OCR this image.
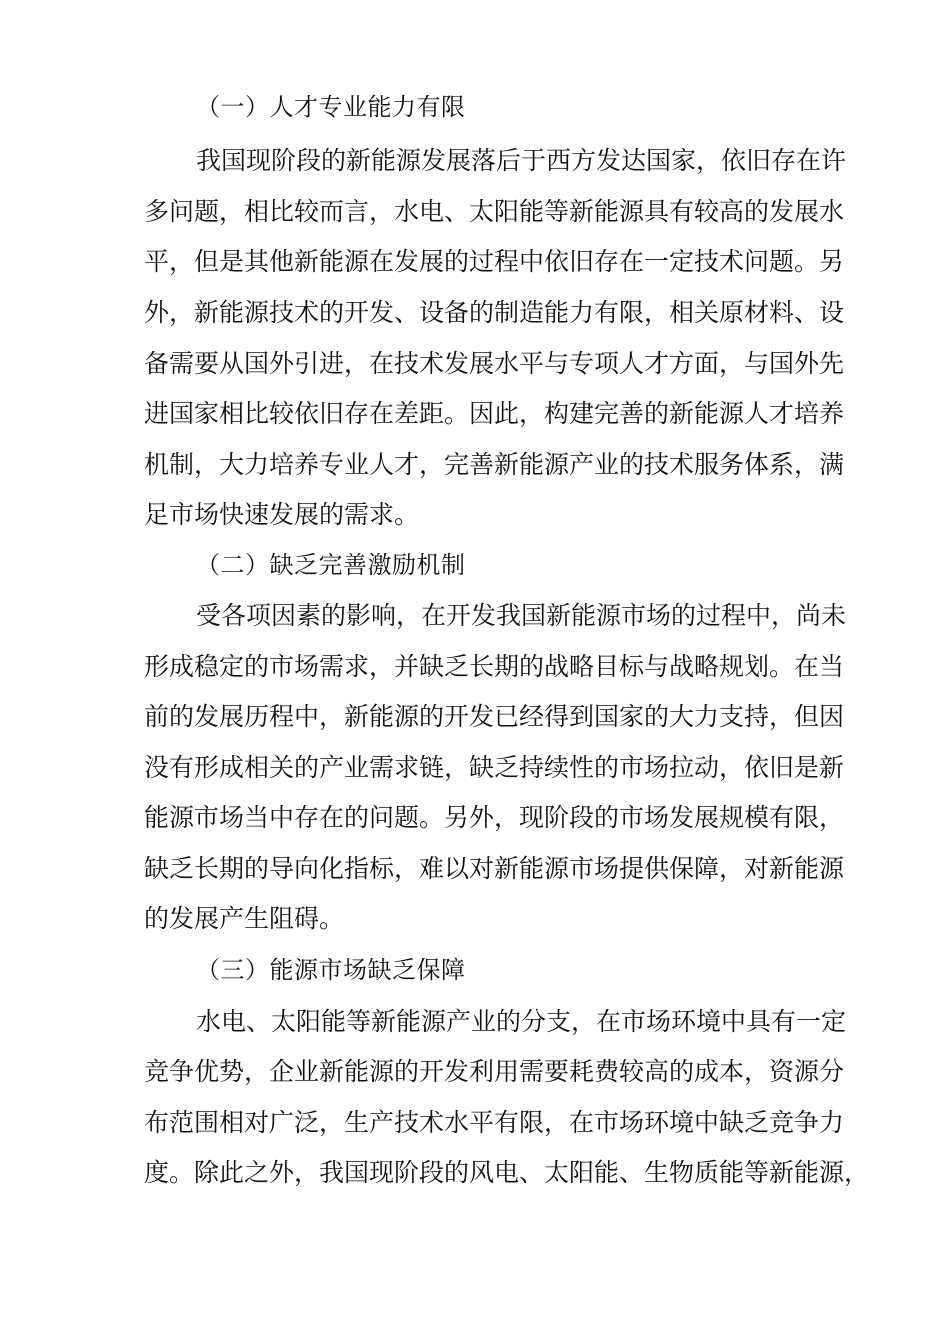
（一）人才专业能力有限
我国现阶段的新能源发展落后于西方发达国家，依旧存在许
多问题，相比较而言，水电、太阳能等新能源具有较高的发展水
平，但是其他新能源在发展的过程中依旧存在一定技术问题。另
外，新能源技术的开发、设备的制造能力有限，相关原材料、设
备需要从国外引进，在技术发展水平与专项人才方面，与国外先
进国家相比较依旧存在差距。因此，构建完善的新能源人才培养
机制，大力培养专业人才，完善新能源产业的技术服务体系，满
足市场快速发展的需求。
（二）缺乏完善激励机制
受各项因素的影响，在开发我国新能源市场的过程中，尚未
形成稳定的市场需求，并缺乏长期的战略目标与战略规划。在当
前的发展历程中，新能源的开发已经得到国家的大力支持，但因
没有形成相关的产业需求链，缺乏持续性的市场拉动，依旧是新
能源市场当中存在的问题。另外，现阶段的市场发展规模有限，
缺乏长期的导向化指标，难以对新能源市场提供保障，对新能源
的发展产生阻碍。
（三）能源市场缺乏保障
水电、太阳能等新能源产业的分支，在市场环境中具有一定
竞争优势，企业新能源的开发利用需要耗费较高的成本，资源分
布范围相对广泛，生产技术水平有限，在市场环境中缺乏竞争力
度。除此之外，我国现阶段的风电、太阳能、生物质能等新能源，
